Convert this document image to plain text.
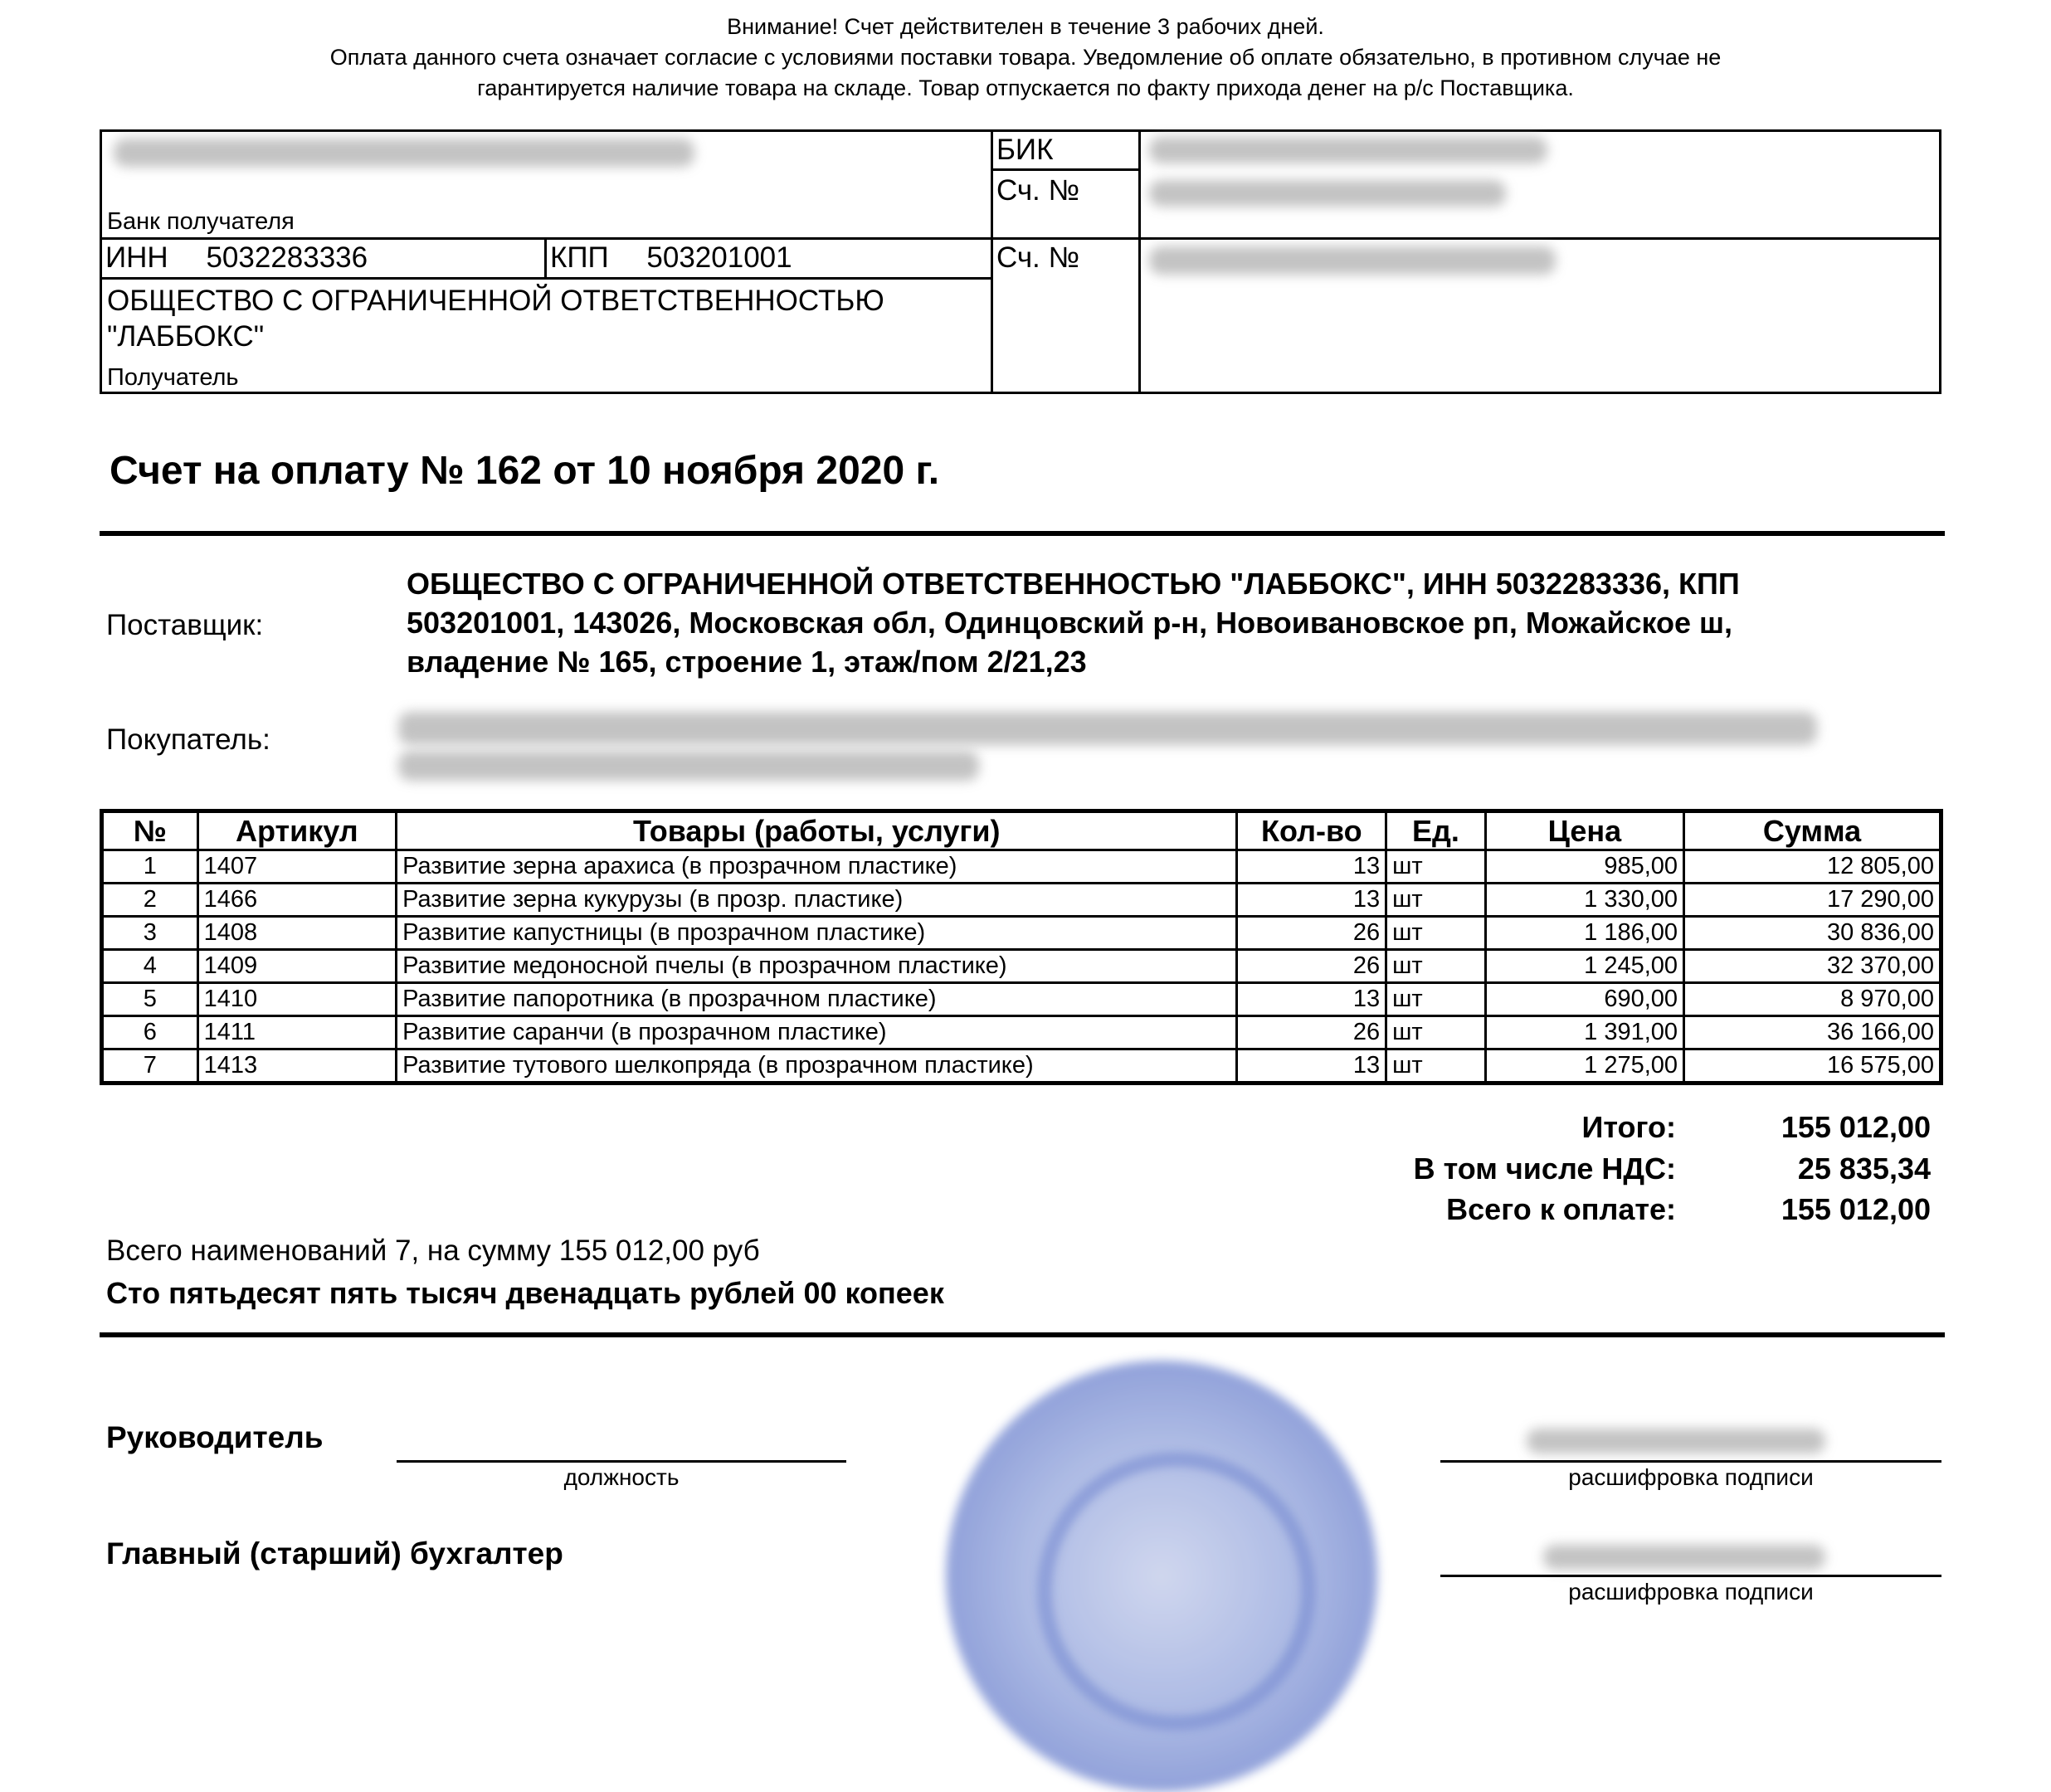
Внимание! Счет действителен в течение 3 рабочих дней.
Оплата данного счета означает согласие с условиями поставки товара. Уведомление об оплате обязательно, в противном случае не
гарантируется наличие товара на складе. Товар отпускается по факту прихода денег на р/с Поставщика.
Банк получателя		БИК
Сч. №	

ИНН 5032283336	КПП 503201001	Сч. №	

ОБЩЕСТВО С ОГРАНИЧЕННОЙ ОТВЕТСТВЕННОСТЬЮ "ЛАББОКС"
Получатель			
Счет на оплату № 162 от 10 ноября 2020 г.
Поставщик:
ОБЩЕСТВО С ОГРАНИЧЕННОЙ ОТВЕТСТВЕННОСТЬЮ "ЛАББОКС", ИНН 5032283336, КПП 503201001, 143026, Московская обл, Одинцовский р-н, Новоивановское рп, Можайское ш, владение № 165, строение 1, этаж/пом 2/21,23
Покупатель:
№	Артикул	Товары (работы, услуги)	Кол-во	Ед.	Цена	Сумма
1	1407	Развитие зерна арахиса (в прозрачном пластике)	13	шт	985,00	12 805,00
2	1466	Развитие зерна кукурузы (в прозр. пластике)	13	шт	1 330,00	17 290,00
3	1408	Развитие капустницы (в прозрачном пластике)	26	шт	1 186,00	30 836,00
4	1409	Развитие медоносной пчелы (в прозрачном пластике)	26	шт	1 245,00	32 370,00
5	1410	Развитие папоротника (в прозрачном пластике)	13	шт	690,00	8 970,00
6	1411	Развитие саранчи (в прозрачном пластике)	26	шт	1 391,00	36 166,00
7	1413	Развитие тутового шелкопряда (в прозрачном пластике)	13	шт	1 275,00	16 575,00
Итого:	155 012,00
В том числе НДС:	25 835,34
Всего к оплате:	155 012,00
Всего наименований 7, на сумму 155 012,00 руб
Сто пятьдесят пять тысяч двенадцать рублей 00 копеек
Руководитель
должность	расшифровка подписи
Главный (старший) бухгалтер
расшифровка подписи
